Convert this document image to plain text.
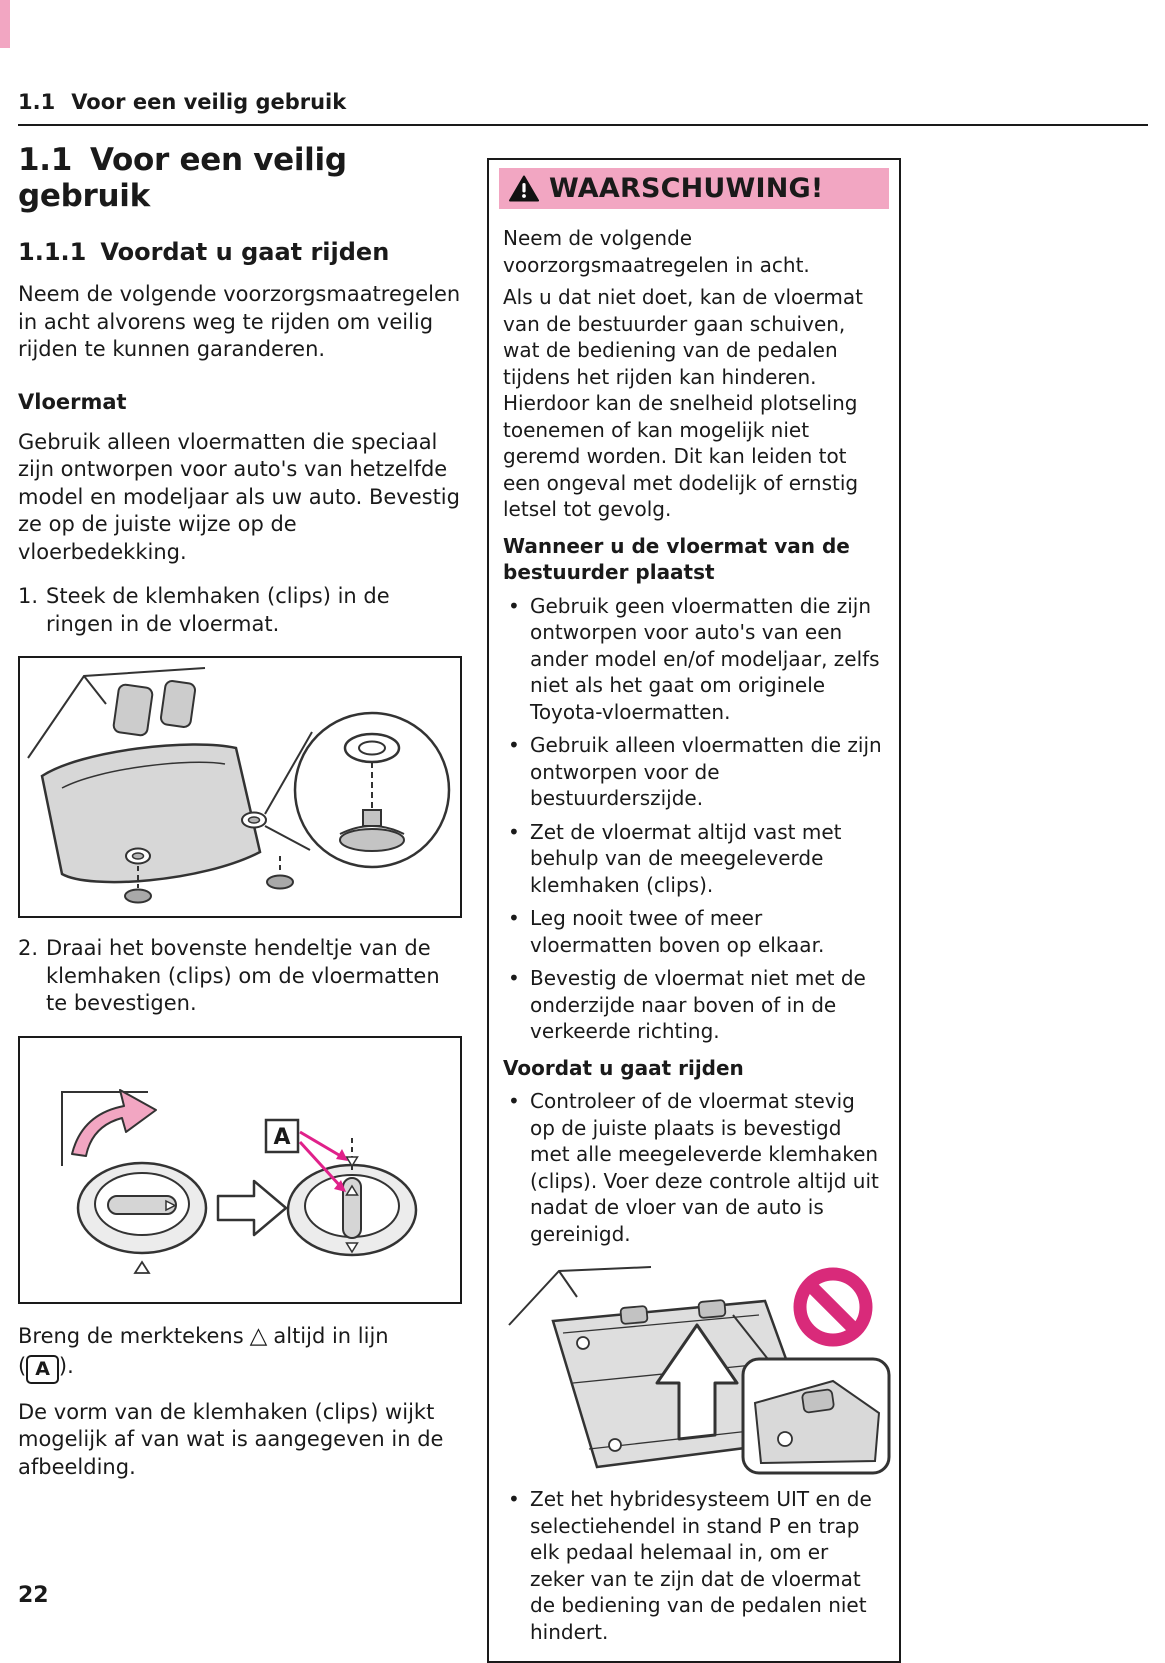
1.1 Voor een veilig gebruik
1.1 Voor een veilig gebruik
1.1.1 Voordat u gaat rijden

Neem de volgende voorzorgsmaatregelen in acht alvorens weg te rijden om veilig rijden te kunnen garanderen.

Vloermat

Gebruik alleen vloermatten die speciaal zijn ontworpen voor auto's van hetzelfde model en modeljaar als uw auto. Bevestig ze op de juiste wijze op de vloerbedekking.

1. Steek de klemhaken (clips) in de ringen in de vloermat.
2. Draai het bovenste hendeltje van de klemhaken (clips) om de vloermatten te bevestigen.
A
Breng de merktekens △ altijd in lijn
( A ).

De vorm van de klemhaken (clips) wijkt mogelijk af van wat is aangegeven in de afbeelding.

WAARSCHUWING!

Neem de volgende voorzorgsmaatregelen in acht.

Als u dat niet doet, kan de vloermat van de bestuurder gaan schuiven, wat de bediening van de pedalen tijdens het rijden kan hinderen. Hierdoor kan de snelheid plotseling toenemen of kan mogelijk niet geremd worden. Dit kan leiden tot een ongeval met dodelijk of ernstig letsel tot gevolg.

Wanneer u de vloermat van de bestuurder plaatst
• Gebruik geen vloermatten die zijn ontworpen voor auto's van een ander model en/of modeljaar, zelfs niet als het gaat om originele Toyota-vloermatten.
• Gebruik alleen vloermatten die zijn ontworpen voor de bestuurderszijde.
• Zet de vloermat altijd vast met behulp van de meegeleverde klemhaken (clips).
• Leg nooit twee of meer vloermatten boven op elkaar.
• Bevestig de vloermat niet met de onderzijde naar boven of in de verkeerde richting.
Voordat u gaat rijden
• Controleer of de vloermat stevig op de juiste plaats is bevestigd met alle meegeleverde klemhaken (clips). Voer deze controle altijd uit nadat de vloer van de auto is gereinigd.
• Zet het hybridesysteem UIT en de selectiehendel in stand P en trap elk pedaal helemaal in, om er zeker van te zijn dat de vloermat de bediening van de pedalen niet hindert.
22
